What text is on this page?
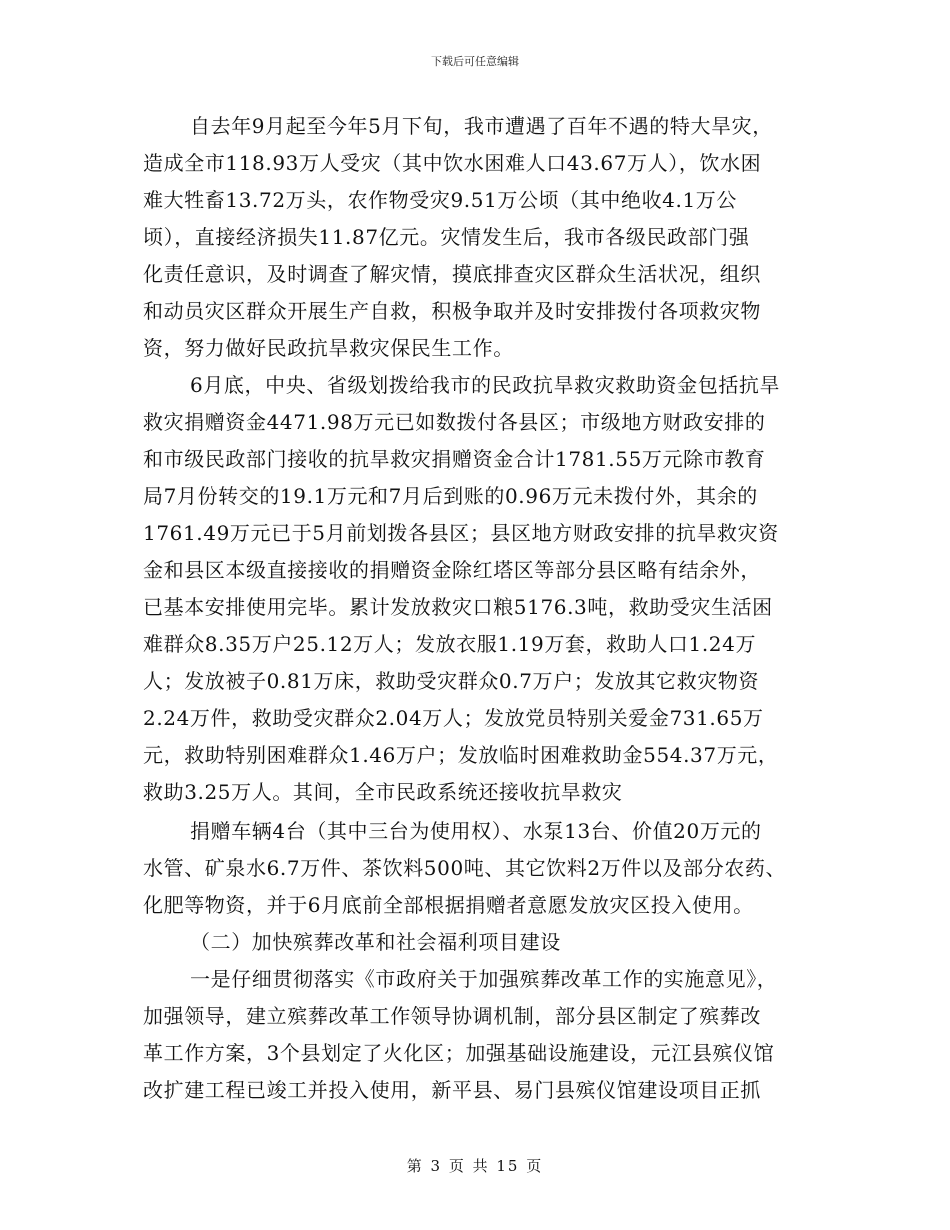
下载后可任意编辑
自去年9月起至今年5月下旬，我市遭遇了百年不遇的特大旱灾，
造成全市118.93万人受灾（其中饮水困难人口43.67万人），饮水困
难大牲畜13.72万头，农作物受灾9.51万公顷（其中绝收4.1万公
顷），直接经济损失11.87亿元。灾情发生后，我市各级民政部门强
化责任意识，及时调查了解灾情，摸底排查灾区群众生活状况，组织
和动员灾区群众开展生产自救，积极争取并及时安排拨付各项救灾物
资，努力做好民政抗旱救灾保民生工作。
6月底，中央、省级划拨给我市的民政抗旱救灾救助资金包括抗旱
救灾捐赠资金4471.98万元已如数拨付各县区；市级地方财政安排的
和市级民政部门接收的抗旱救灾捐赠资金合计1781.55万元除市教育
局7月份转交的19.1万元和7月后到账的0.96万元未拨付外，其余的
1761.49万元已于5月前划拨各县区；县区地方财政安排的抗旱救灾资
金和县区本级直接接收的捐赠资金除红塔区等部分县区略有结余外，
已基本安排使用完毕。累计发放救灾口粮5176.3吨，救助受灾生活困
难群众8.35万户25.12万人；发放衣服1.19万套，救助人口1.24万
人；发放被子0.81万床，救助受灾群众0.7万户；发放其它救灾物资
2.24万件，救助受灾群众2.04万人；发放党员特别关爱金731.65万
元，救助特别困难群众1.46万户；发放临时困难救助金554.37万元，
救助3.25万人。其间，全市民政系统还接收抗旱救灾
捐赠车辆4台（其中三台为使用权）、水泵13台、价值20万元的
水管、矿泉水6.7万件、茶饮料500吨、其它饮料2万件以及部分农药、
化肥等物资，并于6月底前全部根据捐赠者意愿发放灾区投入使用。
（二）加快殡葬改革和社会福利项目建设
一是仔细贯彻落实《市政府关于加强殡葬改革工作的实施意见》，
加强领导，建立殡葬改革工作领导协调机制，部分县区制定了殡葬改
革工作方案，3个县划定了火化区；加强基础设施建设，元江县殡仪馆
改扩建工程已竣工并投入使用，新平县、易门县殡仪馆建设项目正抓
第 3 页 共 15 页
